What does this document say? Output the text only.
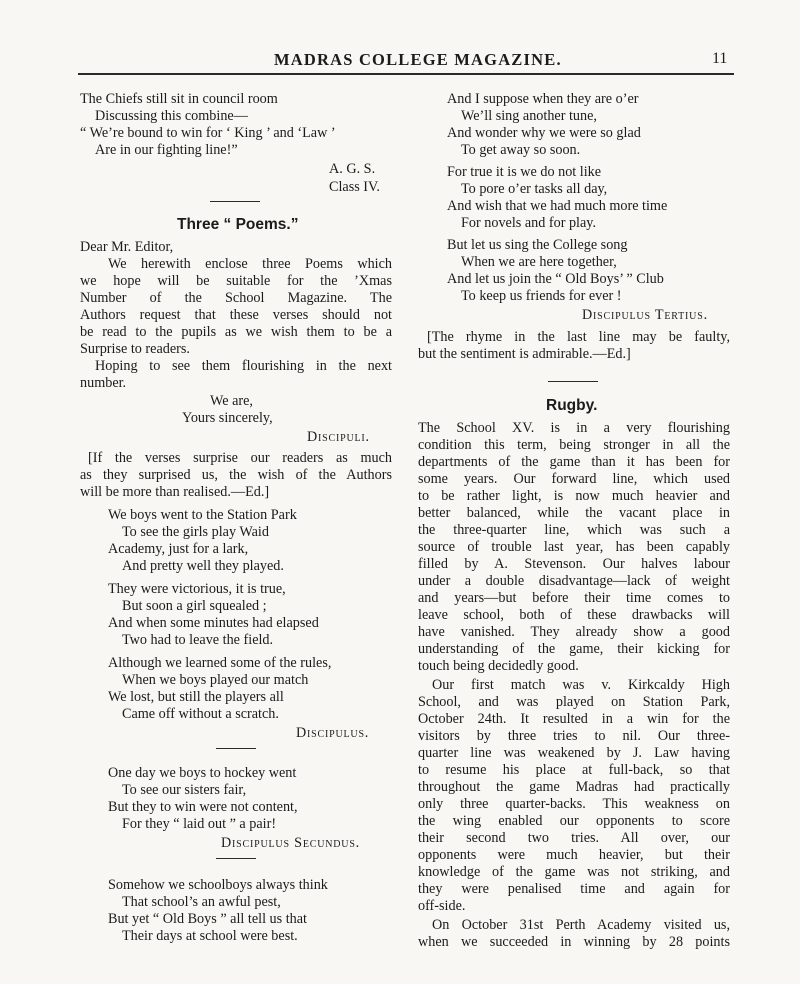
MADRAS COLLEGE MAGAZINE.	11
The Chiefs still sit in council room
Discussing this combine—
“ We’re bound to win for ‘ King ’ and ‘Law ’
Are in our fighting line!”
A. G. S.
Class IV.
Three “ Poems.”
Dear Mr. Editor,
We herewith enclose three Poems which
we hope will be suitable for the ’Xmas
Number of the School Magazine. The
Authors request that these verses should not
be read to the pupils as we wish them to be a
Surprise to readers.
Hoping to see them flourishing in the next
number.
We are,
Yours sincerely,
Discipuli.
[If the verses surprise our readers as much
as they surprised us, the wish of the Authors
will be more than realised.—Ed.]
We boys went to the Station Park
To see the girls play Waid
Academy, just for a lark,
And pretty well they played.
They were victorious, it is true,
But soon a girl squealed ;
And when some minutes had elapsed
Two had to leave the field.
Although we learned some of the rules,
When we boys played our match
We lost, but still the players all
Came off without a scratch.
Discipulus.
One day we boys to hockey went
To see our sisters fair,
But they to win were not content,
For they “ laid out ” a pair!
Discipulus Secundus.
Somehow we schoolboys always think
That school’s an awful pest,
But yet “ Old Boys ” all tell us that
Their days at school were best.
And I suppose when they are o’er
We’ll sing another tune,
And wonder why we were so glad
To get away so soon.
For true it is we do not like
To pore o’er tasks all day,
And wish that we had much more time
For novels and for play.
But let us sing the College song
When we are here together,
And let us join the “ Old Boys’ ” Club
To keep us friends for ever !
Discipulus Tertius.
[The rhyme in the last line may be faulty,
but the sentiment is admirable.—Ed.]
Rugby.
The School XV. is in a very flourishing
condition this term, being stronger in all the
departments of the game than it has been for
some years. Our forward line, which used
to be rather light, is now much heavier and
better balanced, while the vacant place in
the three-quarter line, which was such a
source of trouble last year, has been capably
filled by A. Stevenson. Our halves labour
under a double disadvantage—lack of weight
and years—but before their time comes to
leave school, both of these drawbacks will
have vanished. They already show a good
understanding of the game, their kicking for
touch being decidedly good.
Our first match was v. Kirkcaldy High
School, and was played on Station Park,
October 24th. It resulted in a win for the
visitors by three tries to nil. Our three-
quarter line was weakened by J. Law having
to resume his place at full-back, so that
throughout the game Madras had practically
only three quarter-backs. This weakness on
the wing enabled our opponents to score
their second two tries. All over, our
opponents were much heavier, but their
knowledge of the game was not striking, and
they were penalised time and again for
off-side.
On October 31st Perth Academy visited us,
when we succeeded in winning by 28 points
